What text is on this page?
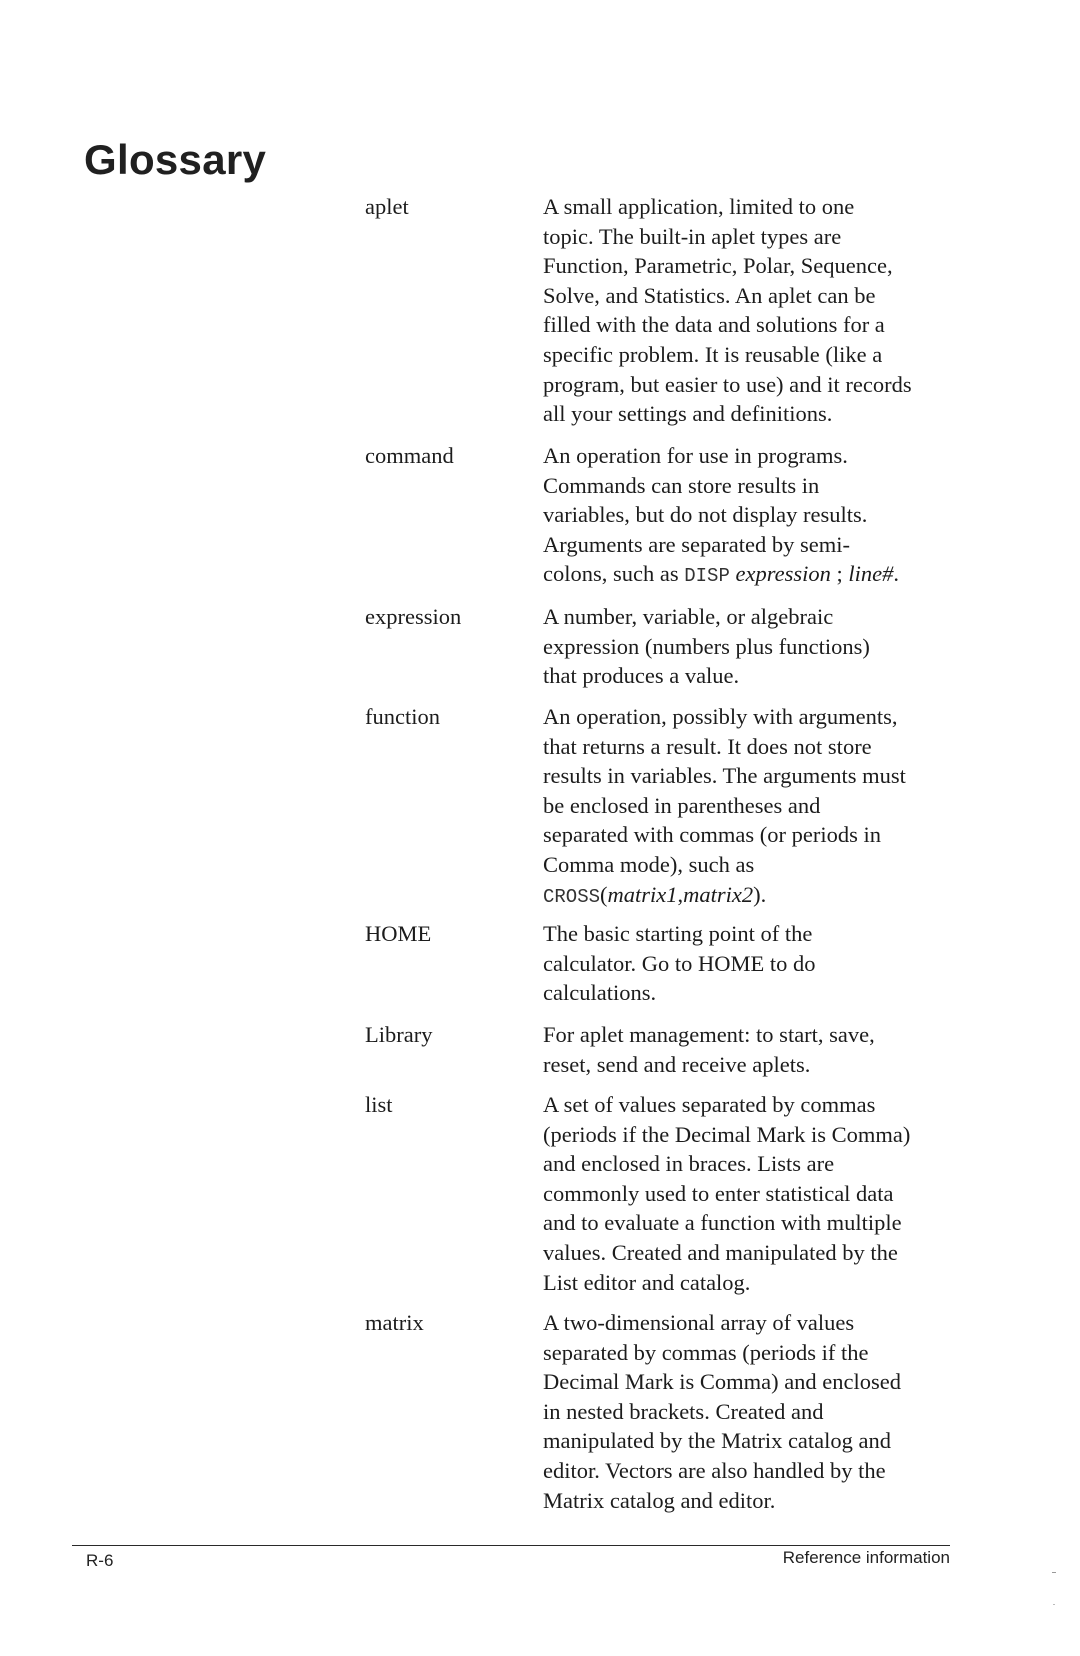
Glossary
aplet	A small application, limited to one
topic. The built-in aplet types are
Function, Parametric, Polar, Sequence,
Solve, and Statistics. An aplet can be
filled with the data and solutions for a
specific problem. It is reusable (like a
program, but easier to use) and it records
all your settings and definitions.
command	An operation for use in programs.
Commands can store results in
variables, but do not display results.
Arguments are separated by semi-
colons, such as DISP expression ; line#.
expression	A number, variable, or algebraic
expression (numbers plus functions)
that produces a value.
function	An operation, possibly with arguments,
that returns a result. It does not store
results in variables. The arguments must
be enclosed in parentheses and
separated with commas (or periods in
Comma mode), such as
CROSS(matrix1,matrix2).
HOME	The basic starting point of the
calculator. Go to HOME to do
calculations.
Library	For aplet management: to start, save,
reset, send and receive aplets.
list	A set of values separated by commas
(periods if the Decimal Mark is Comma)
and enclosed in braces. Lists are
commonly used to enter statistical data
and to evaluate a function with multiple
values. Created and manipulated by the
List editor and catalog.
matrix	A two-dimensional array of values
separated by commas (periods if the
Decimal Mark is Comma) and enclosed
in nested brackets. Created and
manipulated by the Matrix catalog and
editor. Vectors are also handled by the
Matrix catalog and editor.
R-6	Reference information
